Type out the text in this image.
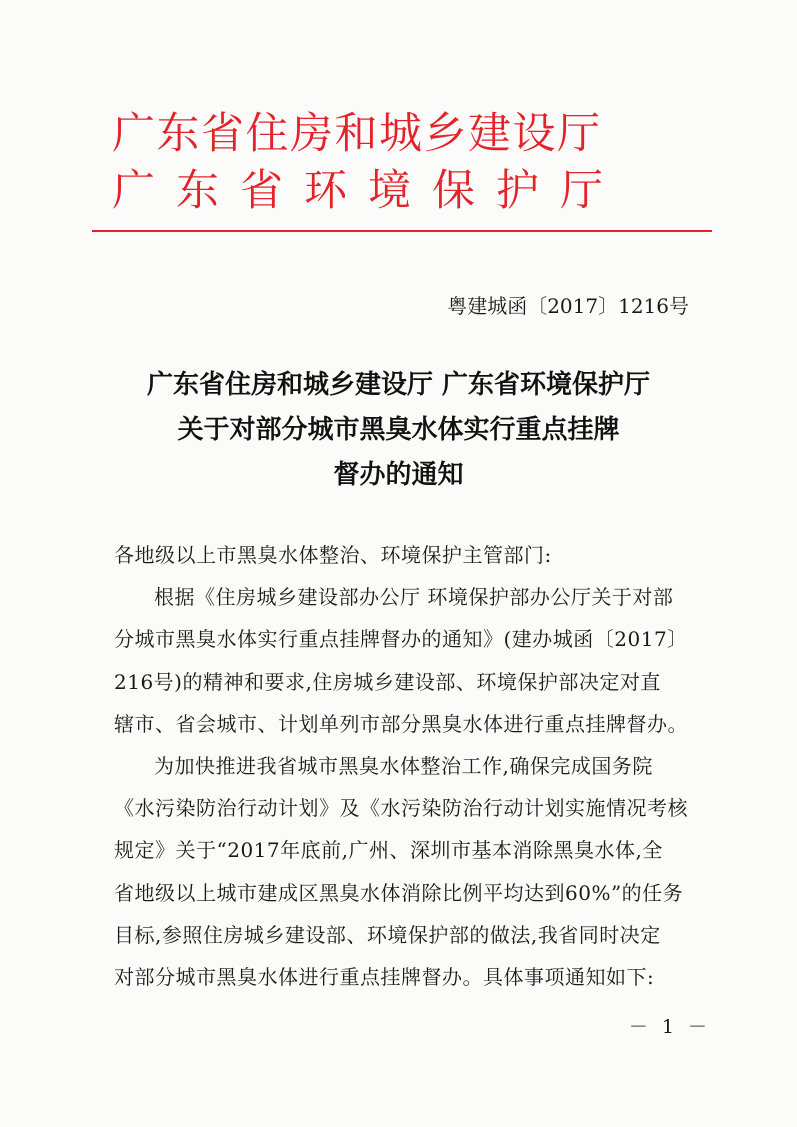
广东省住房和城乡建设厅
广东省环境保护厅
粤建城函〔2017〕1216号
广东省住房和城乡建设厅 广东省环境保护厅
关于对部分城市黑臭水体实行重点挂牌
督办的通知
各地级以上市黑臭水体整治、环境保护主管部门:
根据《住房城乡建设部办公厅 环境保护部办公厅关于对部
分城市黑臭水体实行重点挂牌督办的通知》(建办城函〔2017〕
216号)的精神和要求,住房城乡建设部、环境保护部决定对直
辖市、省会城市、计划单列市部分黑臭水体进行重点挂牌督办。
为加快推进我省城市黑臭水体整治工作,确保完成国务院
《水污染防治行动计划》及《水污染防治行动计划实施情况考核
规定》关于“2017年底前,广州、深圳市基本消除黑臭水体,全
省地级以上城市建成区黑臭水体消除比例平均达到60%”的任务
目标,参照住房城乡建设部、环境保护部的做法,我省同时决定
对部分城市黑臭水体进行重点挂牌督办。具体事项通知如下:
－ 1 －
